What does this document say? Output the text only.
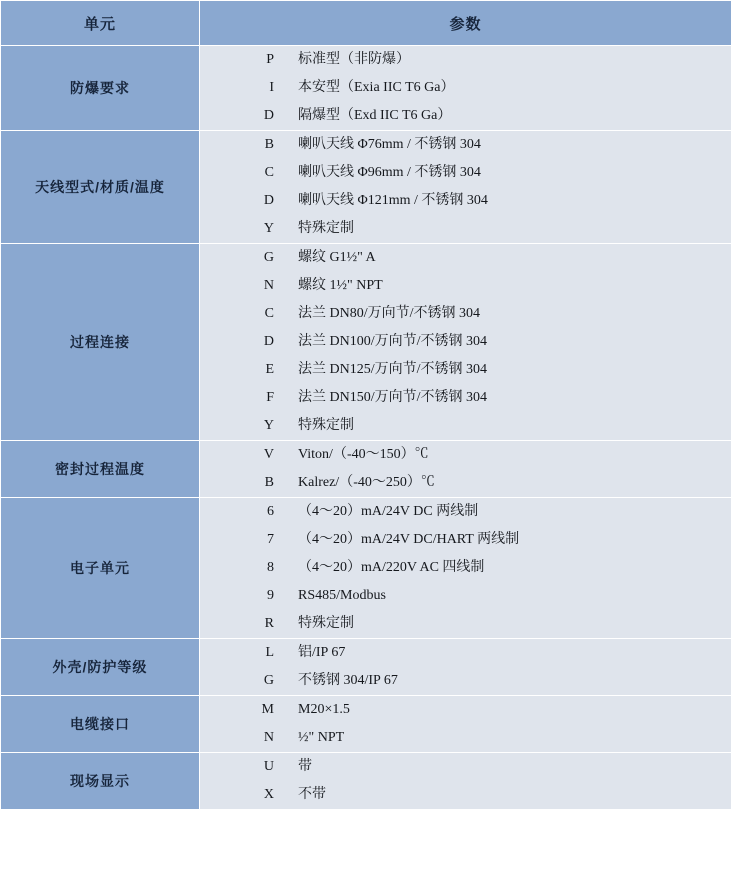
单元	参数
防爆要求	
P	标准型（非防爆）
I	本安型（Exia IIC T6 Ga）
D	隔爆型（Exd IIC T6 Ga）

天线型式/材质/温度	
B	喇叭天线 Φ76mm / 不锈钢 304
C	喇叭天线 Φ96mm / 不锈钢 304
D	喇叭天线 Φ121mm / 不锈钢 304
Y	特殊定制

过程连接	
G	螺纹 G1½" A
N	螺纹 1½" NPT
C	法兰 DN80/万向节/不锈钢 304
D	法兰 DN100/万向节/不锈钢 304
E	法兰 DN125/万向节/不锈钢 304
F	法兰 DN150/万向节/不锈钢 304
Y	特殊定制

密封过程温度	
V	Viton/（-40～150）℃
B	Kalrez/（-40～250）℃

电子单元	
6	（4～20）mA/24V DC 两线制
7	（4～20）mA/24V DC/HART 两线制
8	（4～20）mA/220V AC 四线制
9	RS485/Modbus
R	特殊定制

外壳/防护等级	
L	铝/IP 67
G	不锈钢 304/IP 67

电缆接口	
M	M20×1.5
N	½" NPT

现场显示	
U	带
X	不带
